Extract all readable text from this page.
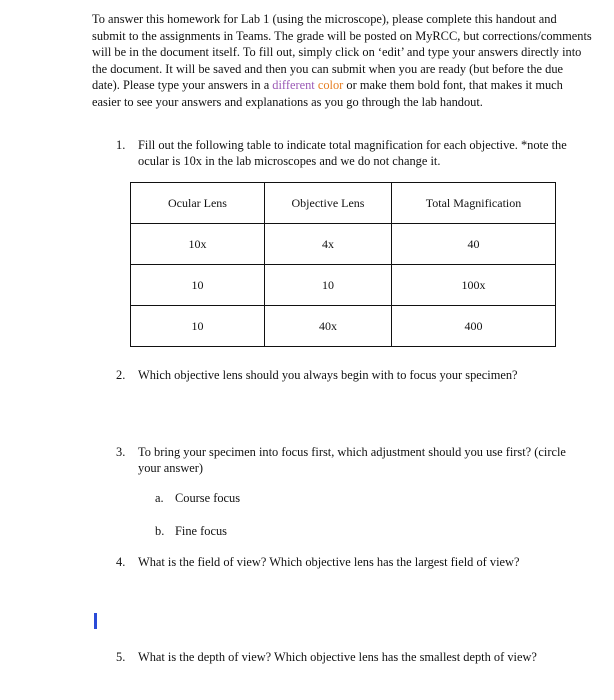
To answer this homework for Lab 1 (using the microscope), please complete this handout and submit to the assignments in Teams. The grade will be posted on MyRCC, but corrections/comments will be in the document itself. To fill out, simply click on ‘edit’ and type your answers directly into the document. It will be saved and then you can submit when you are ready (but before the due date). Please type your answers in a different color or make them bold font, that makes it much easier to see your answers and explanations as you go through the lab handout.
1. Fill out the following table to indicate total magnification for each objective. *note the ocular is 10x in the lab microscopes and we do not change it.
Ocular Lens	Objective Lens	Total Magnification
10x	4x	40
10	10	100x
10	40x	400
2. Which objective lens should you always begin with to focus your specimen?
3. To bring your specimen into focus first, which adjustment should you use first? (circle your answer)
a. Course focus
b. Fine focus
4. What is the field of view? Which objective lens has the largest field of view?
5. What is the depth of view? Which objective lens has the smallest depth of view?
